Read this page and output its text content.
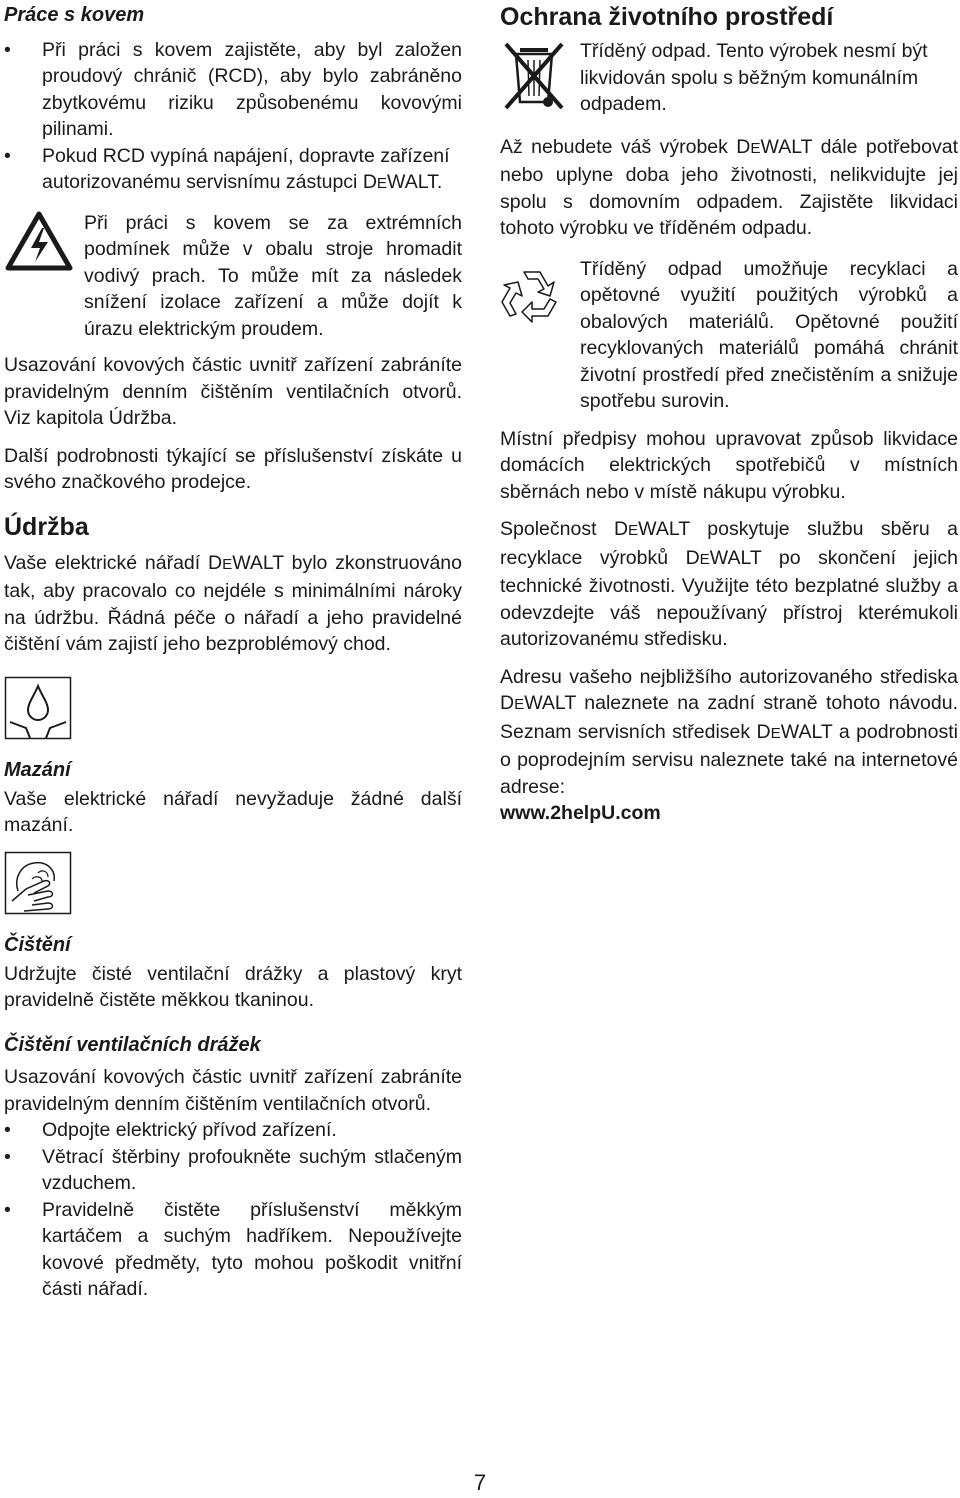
Práce s kovem
• Při práci s kovem zajistěte, aby byl založen proudový chránič (RCD), aby bylo zabráněno zbytkovému riziku způsobenému kovovými pilinami.
• Pokud RCD vypíná napájení, dopravte zařízení autorizovanému servisnímu zástupci DEWALT.

Při práci s kovem se za extrémních podmínek může v obalu stroje hromadit vodivý prach. To může mít za následek snížení izolace zařízení a může dojít k úrazu elektrickým proudem.

Usazování kovových částic uvnitř zařízení zabráníte pravidelným denním čištěním ventilačních otvorů. Viz kapitola Údržba.

Další podrobnosti týkající se příslušenství získáte u svého značkového prodejce.

Údržba

Vaše elektrické nářadí DEWALT bylo zkonstruováno tak, aby pracovalo co nejdéle s minimálními nároky na údržbu. Řádná péče o nářadí a jeho pravidelné čištění vám zajistí jeho bezproblémový chod.

Mazání

Vaše elektrické nářadí nevyžaduje žádné další mazání.

Čištění

Udržujte čisté ventilační drážky a plastový kryt pravidelně čistěte měkkou tkaninou.

Čištění ventilačních drážek

Usazování kovových částic uvnitř zařízení zabráníte pravidelným denním čištěním ventilačních otvorů.

• Odpojte elektrický přívod zařízení.
• Větrací štěrbiny profoukněte suchým stlačeným vzduchem.
• Pravidelně čistěte příslušenství měkkým kartáčem a suchým hadříkem. Nepoužívejte kovové předměty, tyto mohou poškodit vnitřní části nářadí.
Ochrana životního prostředí

Tříděný odpad. Tento výrobek nesmí být likvidován spolu s běžným komunálním odpadem.

Až nebudete váš výrobek DEWALT dále potřebovat nebo uplyne doba jeho životnosti, nelikvidujte jej spolu s domovním odpadem. Zajistěte likvidaci tohoto výrobku ve tříděném odpadu.

Tříděný odpad umožňuje recyklaci a opětovné využití použitých výrobků a obalových materiálů. Opětovné použití recyklovaných materiálů pomáhá chránit životní prostředí před znečistěním a snižuje spotřebu surovin.

Místní předpisy mohou upravovat způsob likvidace domácích elektrických spotřebičů v místních sběrnách nebo v místě nákupu výrobku.

Společnost DEWALT poskytuje službu sběru a recyklace výrobků DEWALT po skončení jejich technické životnosti. Využijte této bezplatné služby a odevzdejte váš nepoužívaný přístroj kterémukoli autorizovanému středisku.

Adresu vašeho nejbližšího autorizovaného střediska DEWALT naleznete na zadní straně tohoto návodu. Seznam servisních středisek DEWALT a podrobnosti o poprodejním servisu naleznete také na internetové adrese:

www.2helpU.com

7
